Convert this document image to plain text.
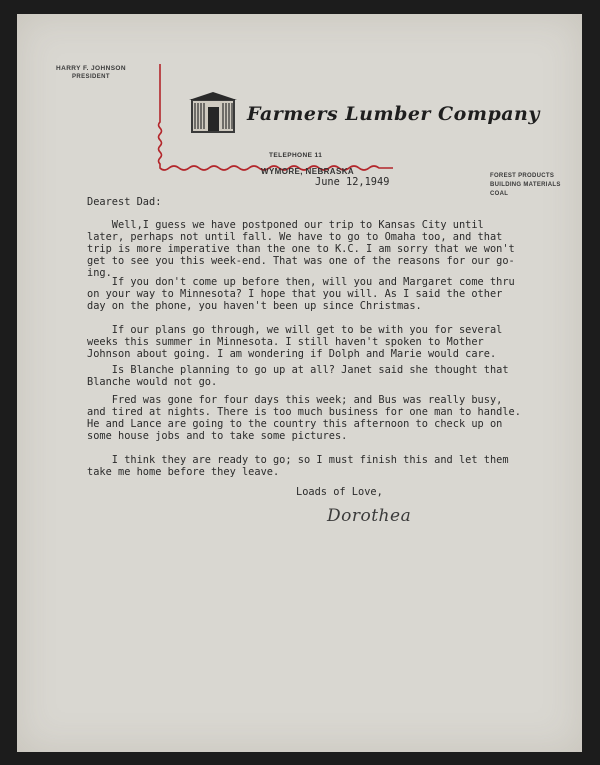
HARRY F. JOHNSON
PRESIDENT
Farmers Lumber Company
TELEPHONE 11
WYMORE, NEBRASKA	FOREST PRODUCTS
BUILDING MATERIALS
COAL
June 12,1949
Dearest Dad:
Well,I guess we have postponed our trip to Kansas City until
later, perhaps not until fall. We have to go to Omaha too, and that
trip is more imperative than the one to K.C. I am sorry that we won't
get to see you this week-end. That was one of the reasons for our go-
ing.
If you don't come up before then, will you and Margaret come thru
on your way to Minnesota? I hope that you will. As I said the other
day on the phone, you haven't been up since Christmas.
If our plans go through, we will get to be with you for several
weeks this summer in Minnesota. I still haven't spoken to Mother
Johnson about going. I am wondering if Dolph and Marie would care.
Is Blanche planning to go up at all? Janet said she thought that
Blanche would not go.
Fred was gone for four days this week; and Bus was really busy,
and tired at nights. There is too much business for one man to handle.
He and Lance are going to the country this afternoon to check up on
some house jobs and to take some pictures.
I think they are ready to go; so I must finish this and let them
take me home before they leave.
Loads of Love,
Dorothea
